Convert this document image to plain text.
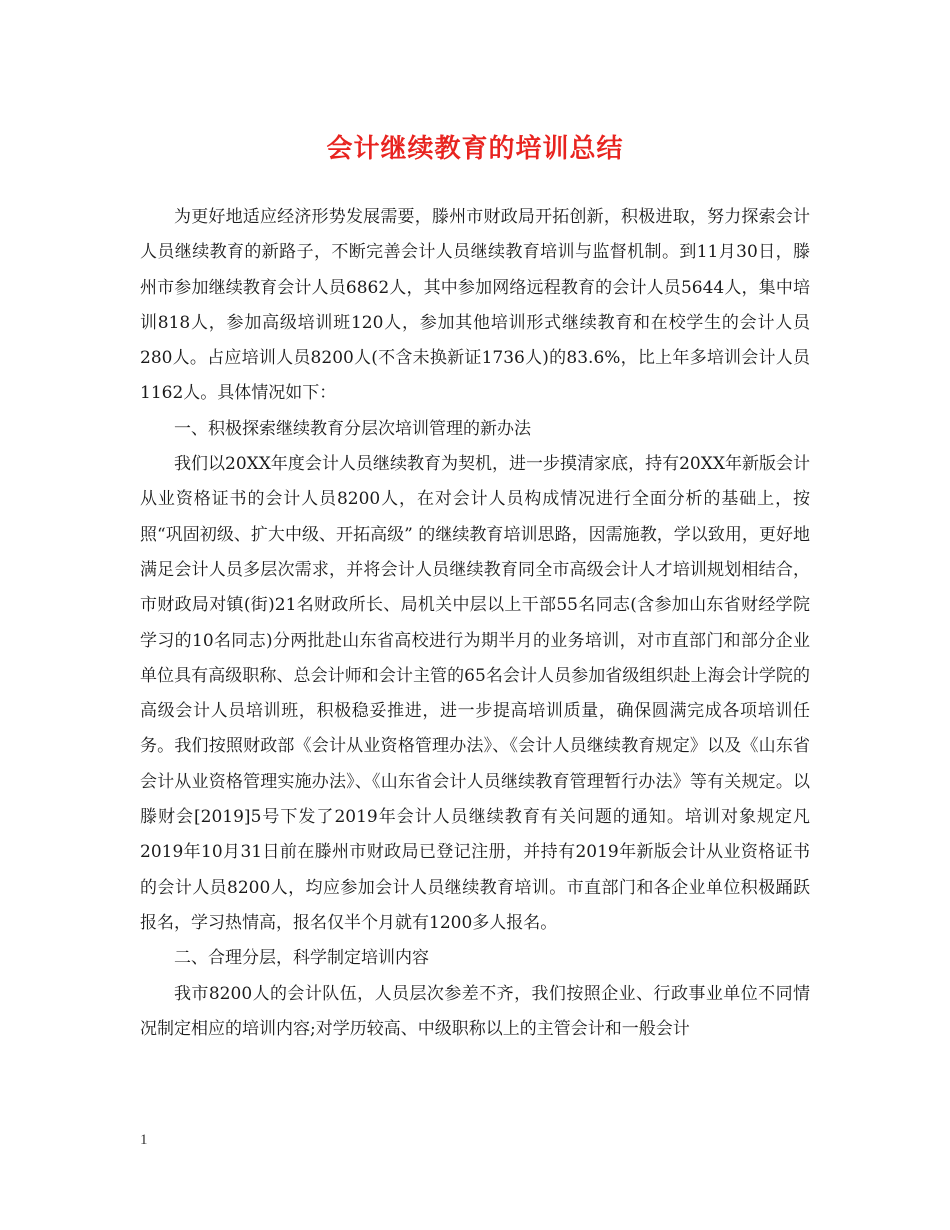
会计继续教育的培训总结

为更好地适应经济形势发展需要，滕州市财政局开拓创新，积极进取，努力探索会计人员继续教育的新路子，不断完善会计人员继续教育培训与监督机制。到11月30日，滕州市参加继续教育会计人员6862人，其中参加网络远程教育的会计人员5644人，集中培训818人，参加高级培训班120人，参加其他培训形式继续教育和在校学生的会计人员280人。占应培训人员8200人(不含未换新证1736人)的83.6%，比上年多培训会计人员1162人。具体情况如下：

一、积极探索继续教育分层次培训管理的新办法

我们以20XX年度会计人员继续教育为契机，进一步摸清家底，持有20XX年新版会计从业资格证书的会计人员8200人，在对会计人员构成情况进行全面分析的基础上，按照“巩固初级、扩大中级、开拓高级” 的继续教育培训思路，因需施教，学以致用，更好地满足会计人员多层次需求，并将会计人员继续教育同全市高级会计人才培训规划相结合，市财政局对镇(街)21名财政所长、局机关中层以上干部55名同志(含参加山东省财经学院学习的10名同志)分两批赴山东省高校进行为期半月的业务培训，对市直部门和部分企业单位具有高级职称、总会计师和会计主管的65名会计人员参加省级组织赴上海会计学院的高级会计人员培训班，积极稳妥推进，进一步提高培训质量，确保圆满完成各项培训任务。我们按照财政部《会计从业资格管理办法》、《会计人员继续教育规定》以及《山东省会计从业资格管理实施办法》、《山东省会计人员继续教育管理暂行办法》等有关规定。以滕财会[2019]5号下发了2019年会计人员继续教育有关问题的通知。培训对象规定凡2019年10月31日前在滕州市财政局已登记注册，并持有2019年新版会计从业资格证书的会计人员8200人，均应参加会计人员继续教育培训。市直部门和各企业单位积极踊跃报名，学习热情高，报名仅半个月就有1200多人报名。

二、合理分层，科学制定培训内容

我市8200人的会计队伍，人员层次参差不齐，我们按照企业、行政事业单位不同情况制定相应的培训内容;对学历较高、中级职称以上的主管会计和一般会计

1
